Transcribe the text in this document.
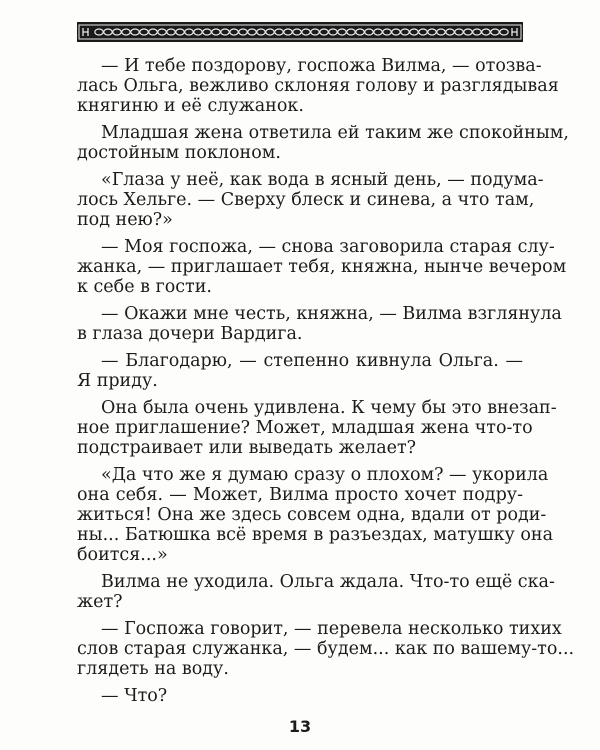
— И тебе поздорову, госпожа Вилма, — отозва-
лась Ольга, вежливо склоняя голову и разглядывая
княгиню и её служанок.

Младшая жена ответила ей таким же спокойным,
достойным поклоном.

«Глаза у неё, как вода в ясный день, — подума-
лось Хельге. — Сверху блеск и синева, а что там,
под нею?»

— Моя госпожа, — снова заговорила старая слу-
жанка, — приглашает тебя, княжна, нынче вечером
к себе в гости.

— Окажи мне честь, княжна, — Вилма взглянула
в глаза дочери Вардига.

— Благодарю, — степенно кивнула Ольга. —
Я приду.

Она была очень удивлена. К чему бы это внезап-
ное приглашение? Может, младшая жена что-то
подстраивает или выведать желает?

«Да что же я думаю сразу о плохом? — укорила
она себя. — Может, Вилма просто хочет подру-
житься! Она же здесь совсем одна, вдали от роди-
ны... Батюшка всё время в разъездах, матушку она
боится...»

Вилма не уходила. Ольга ждала. Что-то ещё ска-
жет?

— Госпожа говорит, — перевела несколько тихих
слов старая служанка, — будем... как по вашему-то...
глядеть на воду.

— Что?

13
